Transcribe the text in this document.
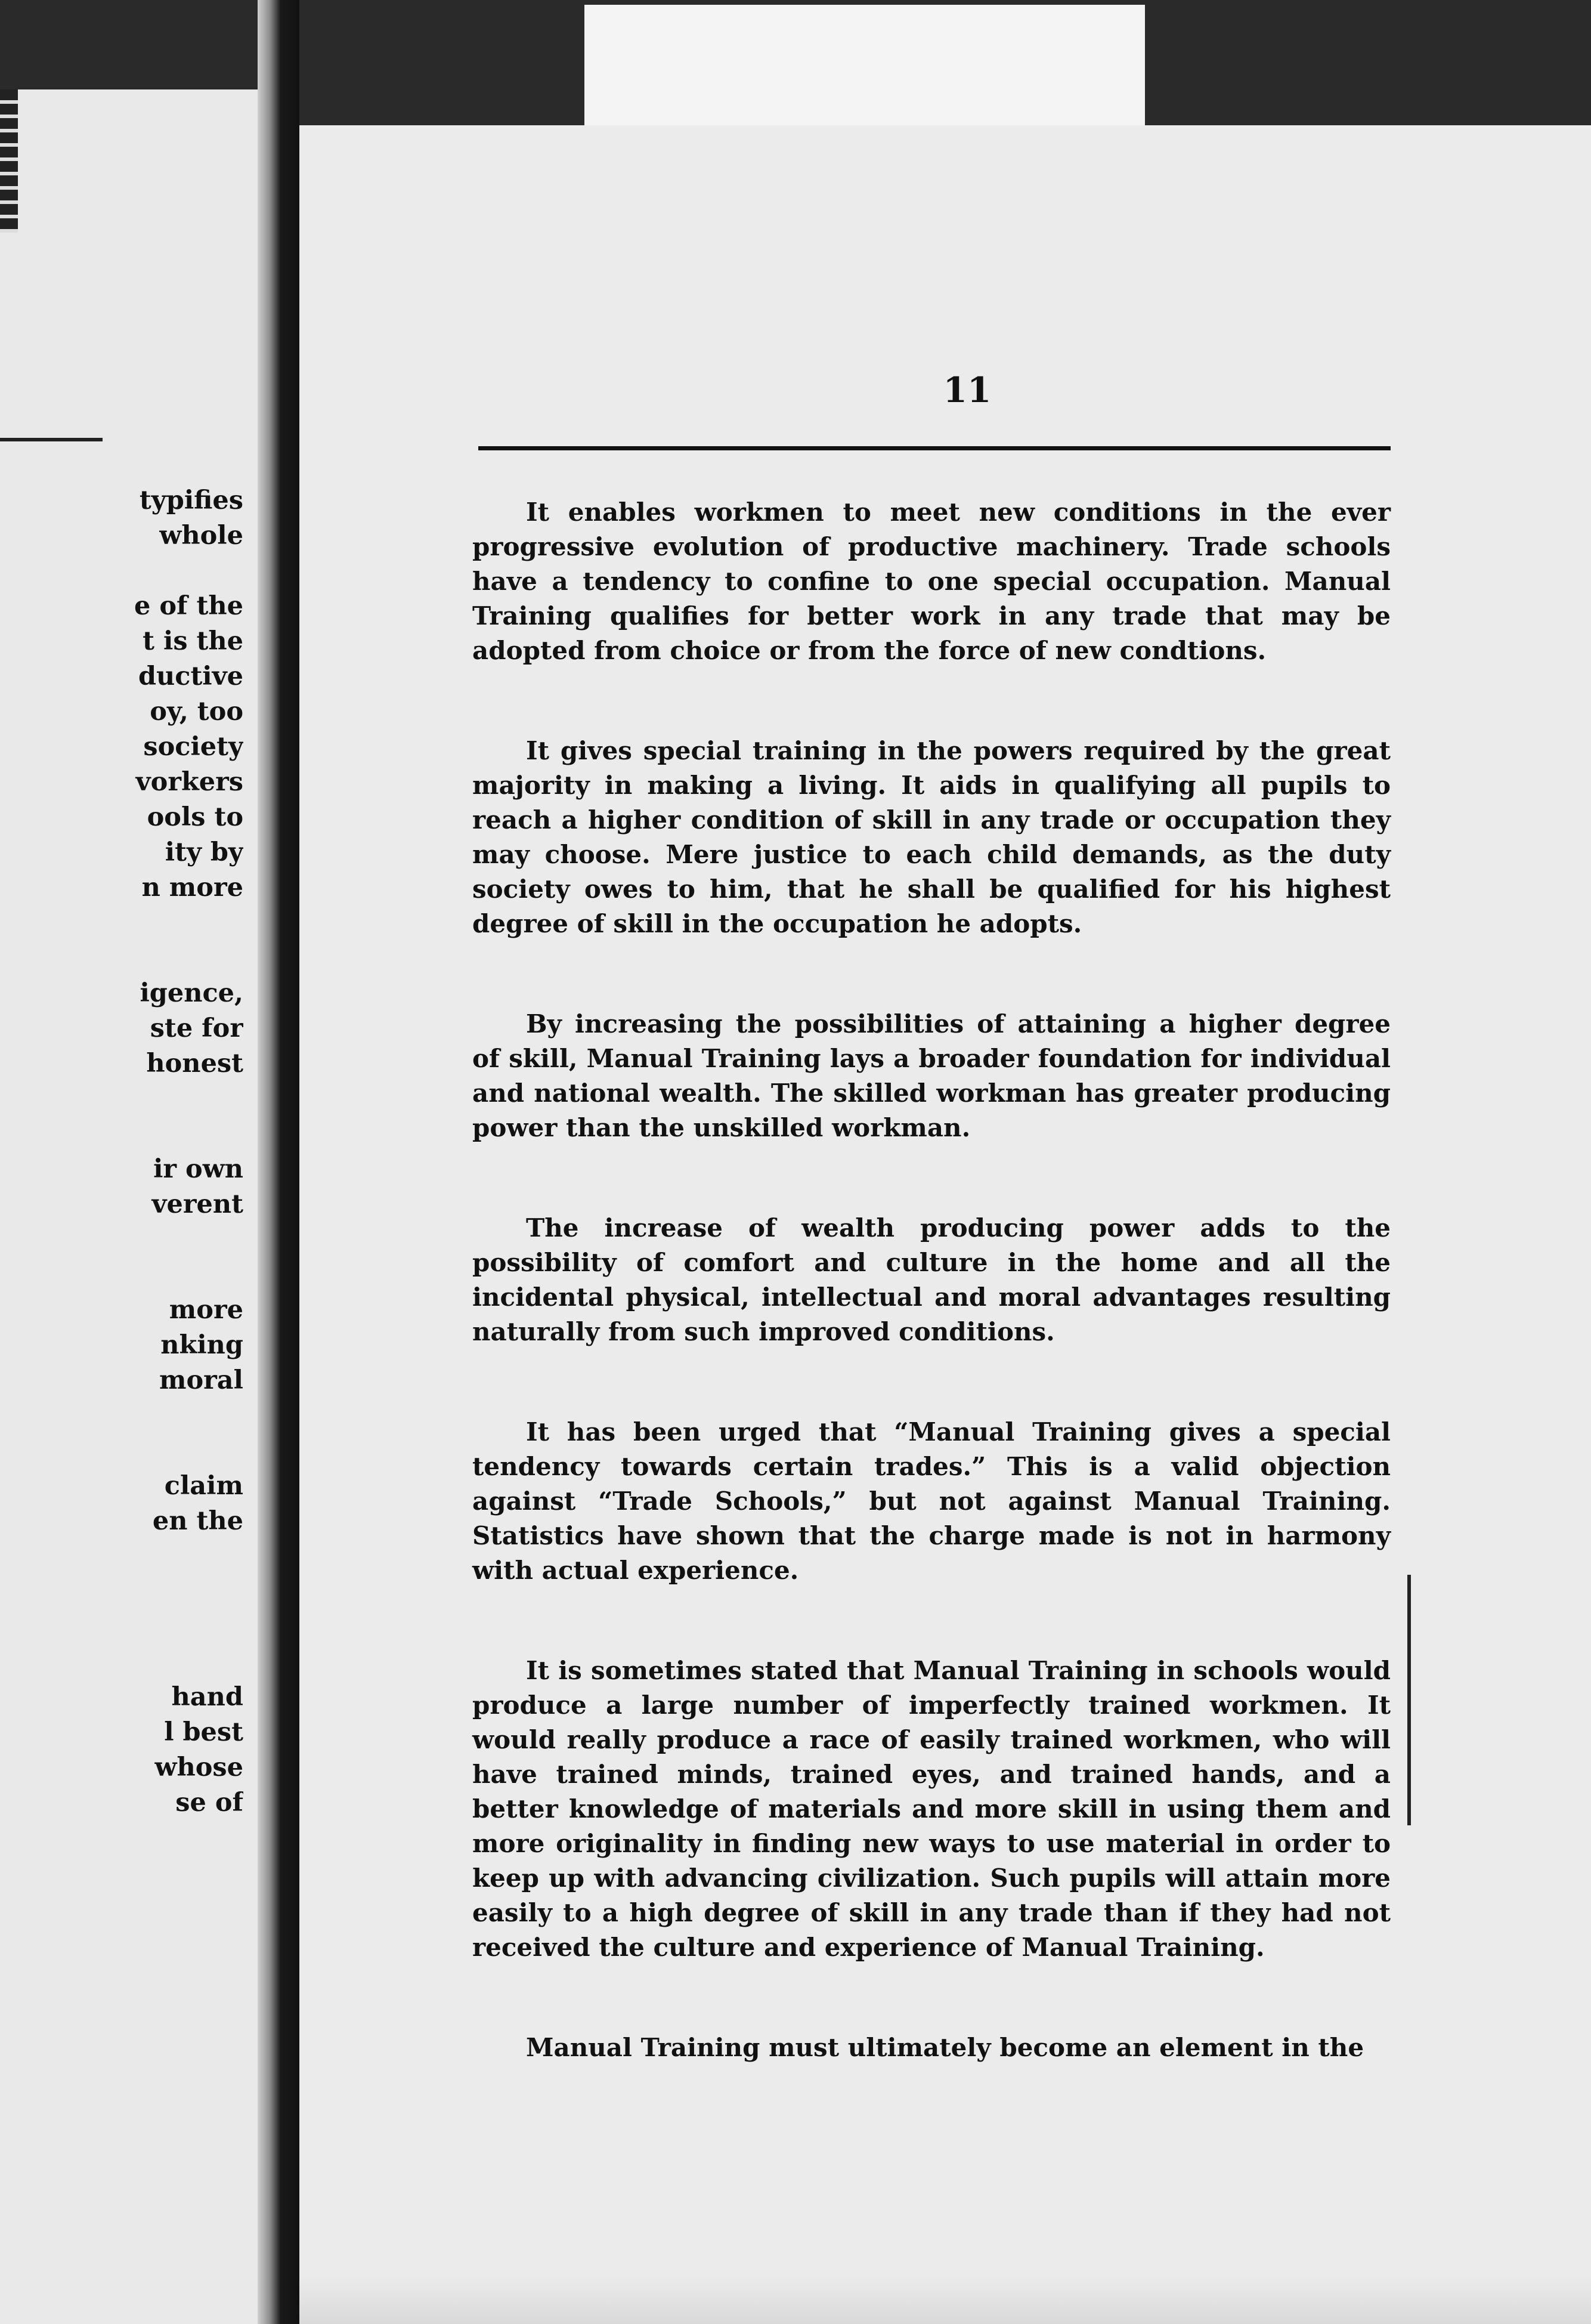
typifies
whole
e of the
t is the
ductive
oy, too
society
vorkers
ools to
ity by
n more
igence,
ste for
honest
ir own
verent
more
nking
moral
claim
en the
hand
l best
whose
se of
11

It enables workmen to meet new conditions in the ever progressive evolution of productive machinery. Trade schools have a tendency to confine to one special occupation. Manual Training qualifies for better work in any trade that may be adopted from choice or from the force of new condtions.

It gives special training in the powers required by the great majority in making a living. It aids in qualifying all pupils to reach a higher condition of skill in any trade or occupation they may choose. Mere justice to each child demands, as the duty society owes to him, that he shall be qualified for his highest degree of skill in the occupation he adopts.

By increasing the possibilities of attaining a higher degree of skill, Manual Training lays a broader foundation for individual and national wealth. The skilled workman has greater producing power than the unskilled workman.

The increase of wealth producing power adds to the possibility of comfort and culture in the home and all the incidental physical, intellectual and moral advantages resulting naturally from such improved conditions.

It has been urged that “Manual Training gives a special tendency towards certain trades.” This is a valid objection against “Trade Schools,” but not against Manual Training. Statistics have shown that the charge made is not in harmony with actual experience.

It is sometimes stated that Manual Training in schools would produce a large number of imperfectly trained workmen. It would really produce a race of easily trained workmen, who will have trained minds, trained eyes, and trained hands, and a better knowledge of materials and more skill in using them and more originality in finding new ways to use material in order to keep up with advancing civilization. Such pupils will attain more easily to a high degree of skill in any trade than if they had not received the culture and experience of Manual Training.

Manual Training must ultimately become an element in the
